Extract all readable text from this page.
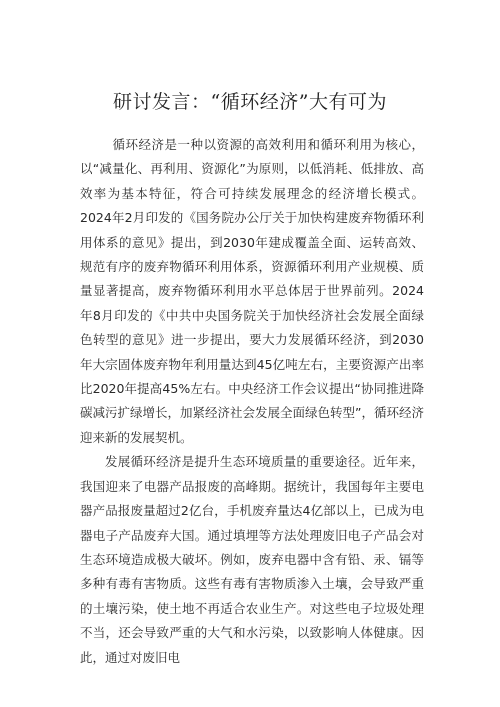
研讨发言：“循环经济”大有可为

循环经济是一种以资源的高效利用和循环利用为核心，以“减量化、再利用、资源化”为原则，以低消耗、低排放、高效率为基本特征，符合可持续发展理念的经济增长模式。2024年2月印发的《国务院办公厅关于加快构建废弃物循环利用体系的意见》提出，到2030年建成覆盖全面、运转高效、规范有序的废弃物循环利用体系，资源循环利用产业规模、质量显著提高，废弃物循环利用水平总体居于世界前列。2024年8月印发的《中共中央国务院关于加快经济社会发展全面绿色转型的意见》进一步提出，要大力发展循环经济，到2030年大宗固体废弃物年利用量达到45亿吨左右，主要资源产出率比2020年提高45%左右。中央经济工作会议提出“协同推进降碳减污扩绿增长，加紧经济社会发展全面绿色转型”，循环经济迎来新的发展契机。

发展循环经济是提升生态环境质量的重要途径。近年来，我国迎来了电器产品报废的高峰期。据统计，我国每年主要电器产品报废量超过2亿台，手机废弃量达4亿部以上，已成为电器电子产品废弃大国。通过填埋等方法处理废旧电子产品会对生态环境造成极大破坏。例如，废弃电器中含有铅、汞、镉等多种有毒有害物质。这些有毒有害物质渗入土壤，会导致严重的土壤污染，使土地不再适合农业生产。对这些电子垃圾处理不当，还会导致严重的大气和水污染，以致影响人体健康。因此，通过对废旧电
